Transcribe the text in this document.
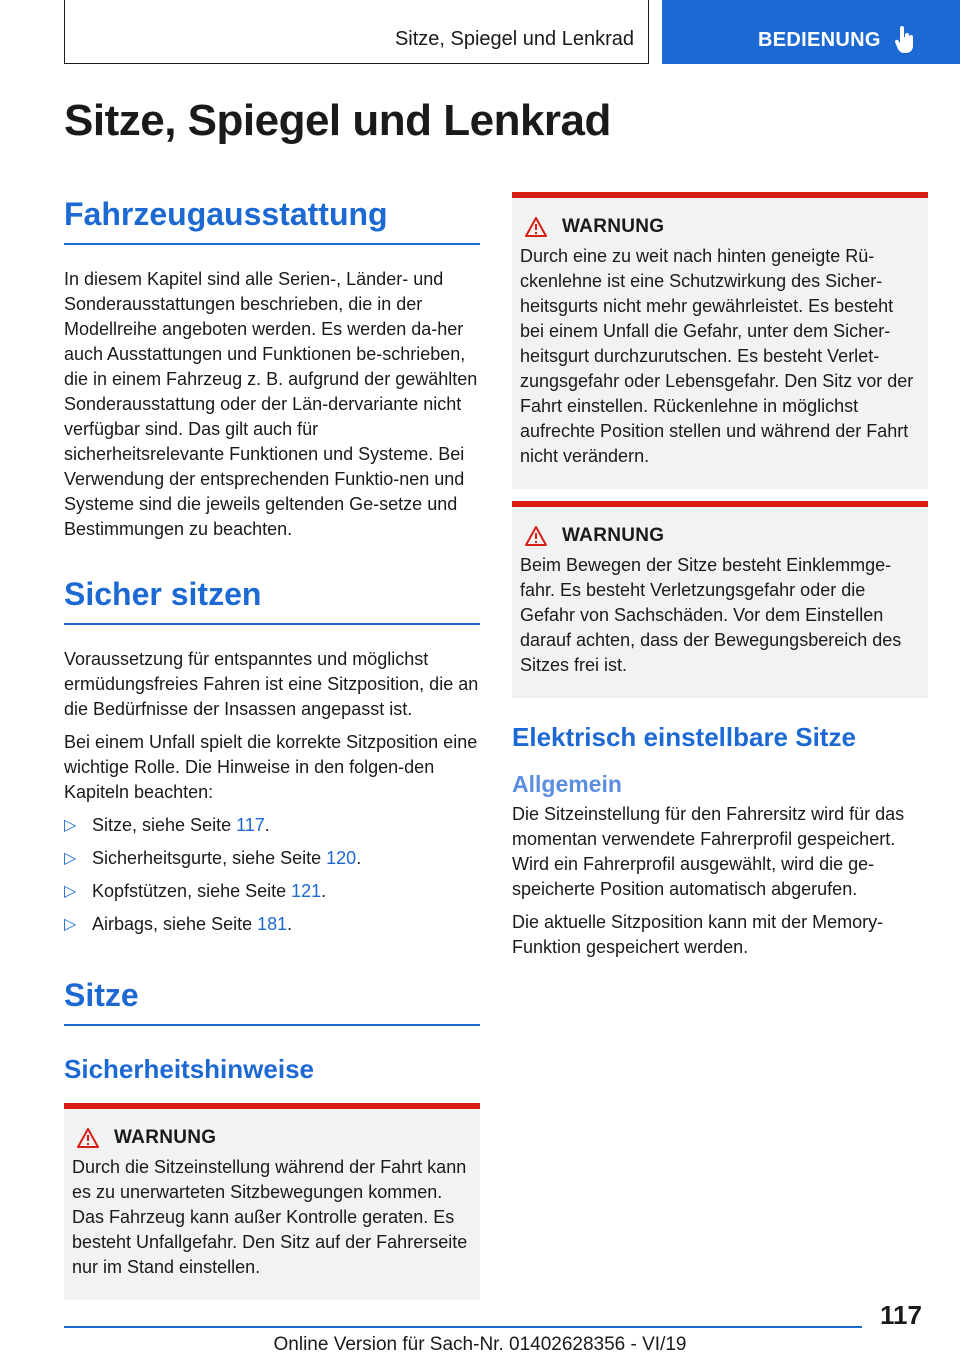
Sitze, Spiegel und Lenkrad	BEDIENUNG
Sitze, Spiegel und Lenkrad
Fahrzeugausstattung

In diesem Kapitel sind alle Serien-, Länder- und Sonderausstattungen beschrieben, die in der Modellreihe angeboten werden. Es werden da‐her auch Ausstattungen und Funktionen be‐schrieben, die in einem Fahrzeug z. B. aufgrund der gewählten Sonderausstattung oder der Län‐dervariante nicht verfügbar sind. Das gilt auch für sicherheitsrelevante Funktionen und Systeme. Bei Verwendung der entsprechenden Funktio‐nen und Systeme sind die jeweils geltenden Ge‐setze und Bestimmungen zu beachten.

Sicher sitzen

Voraussetzung für entspanntes und möglichst ermüdungsfreies Fahren ist eine Sitzposition, die an die Bedürfnisse der Insassen angepasst ist.

Bei einem Unfall spielt die korrekte Sitzposition eine wichtige Rolle. Die Hinweise in den folgen‐den Kapiteln beachten:

▷ Sitze, siehe Seite 117.
▷ Sicherheitsgurte, siehe Seite 120.
▷ Kopfstützen, siehe Seite 121.
▷ Airbags, siehe Seite 181.
Sitze
Sicherheitshinweise
WARNUNG

Durch die Sitzeinstellung während der Fahrt kann es zu unerwarteten Sitzbewegungen kommen. Das Fahrzeug kann außer Kontrolle geraten. Es besteht Unfallgefahr. Den Sitz auf der Fahrerseite nur im Stand einstellen.

WARNUNG

Durch eine zu weit nach hinten geneigte Rü‐ckenlehne ist eine Schutzwirkung des Sicher‐heitsgurts nicht mehr gewährleistet. Es besteht bei einem Unfall die Gefahr, unter dem Sicher‐heitsgurt durchzurutschen. Es besteht Verlet‐zungsgefahr oder Lebensgefahr. Den Sitz vor der Fahrt einstellen. Rückenlehne in möglichst aufrechte Position stellen und während der Fahrt nicht verändern.

WARNUNG

Beim Bewegen der Sitze besteht Einklemmge‐fahr. Es besteht Verletzungsgefahr oder die Gefahr von Sachschäden. Vor dem Einstellen darauf achten, dass der Bewegungsbereich des Sitzes frei ist.

Elektrisch einstellbare Sitze
Allgemein

Die Sitzeinstellung für den Fahrersitz wird für das momentan verwendete Fahrerprofil gespeichert. Wird ein Fahrerprofil ausgewählt, wird die ge‐speicherte Position automatisch abgerufen.

Die aktuelle Sitzposition kann mit der Memory-Funktion gespeichert werden.

117
Online Version für Sach-Nr. 01402628356 - VI/19
